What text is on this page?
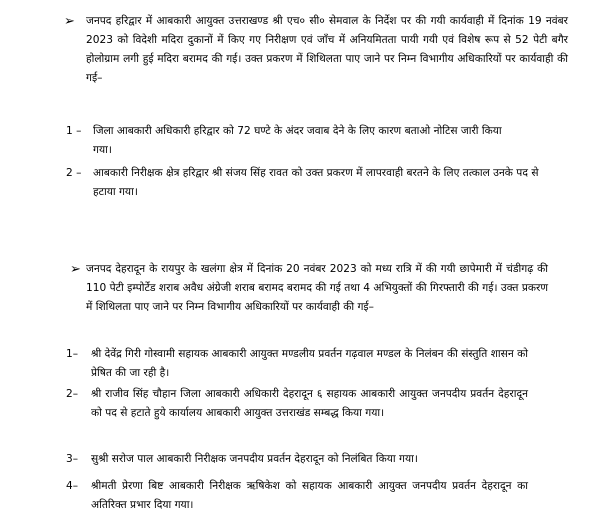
➢ जनपद हरिद्वार में आबकारी आयुक्त उत्तराखण्ड श्री एच० सी० सेमवाल के निर्देश पर की गयी कार्यवाही में दिनांक 19 नवंबर 2023 को विदेशी मदिरा दुकानों में किए गए निरीक्षण एवं जाँच में अनियमितता पायी गयी एवं विशेष रूप से 52 पेटी बगैर होलोग्राम लगी हुई मदिरा बरामद की गई। उक्त प्रकरण में शिथिलता पाए जाने पर निम्न विभागीय अधिकारियों पर कार्यवाही की गई–
1 – जिला आबकारी अधिकारी हरिद्वार को 72 घण्टे के अंदर जवाब देने के लिए कारण बताओ नोटिस जारी किया गया।
2 – आबकारी निरीक्षक क्षेत्र हरिद्वार श्री संजय सिंह रावत को उक्त प्रकरण में लापरवाही बरतने के लिए तत्काल उनके पद से हटाया गया।
➢ जनपद देहरादून के रायपुर के खलंगा क्षेत्र में दिनांक 20 नवंबर 2023 को मध्य रात्रि में की गयी छापेमारी में चंडीगढ़ की 110 पेटी इम्पोर्टेड शराब अवैध अंग्रेजी शराब बरामद बरामद की गई तथा 4 अभियुक्तों की गिरफ्तारी की गई। उक्त प्रकरण में शिथिलता पाए जाने पर निम्न विभागीय अधिकारियों पर कार्यवाही की गई–
1– श्री देवेंद्र गिरी गोस्वामी सहायक आबकारी आयुक्त मण्डलीय प्रवर्तन गढ़वाल मण्डल के निलंबन की संस्तुति शासन को प्रेषित की जा रही है।
2– श्री राजीव सिंह चौहान जिला आबकारी अधिकारी देहरादून ६ सहायक आबकारी आयुक्त जनपदीय प्रवर्तन देहरादून को पद से हटाते हुये कार्यालय आबकारी आयुक्त उत्तराखंड सम्बद्ध किया गया।
3– सुश्री सरोज पाल आबकारी निरीक्षक जनपदीय प्रवर्तन देहरादून को निलंबित किया गया।
4– श्रीमती प्रेरणा बिष्ट आबकारी निरीक्षक ऋषिकेश को सहायक आबकारी आयुक्त जनपदीय प्रवर्तन देहरादून का अतिरिक्त प्रभार दिया गया।
